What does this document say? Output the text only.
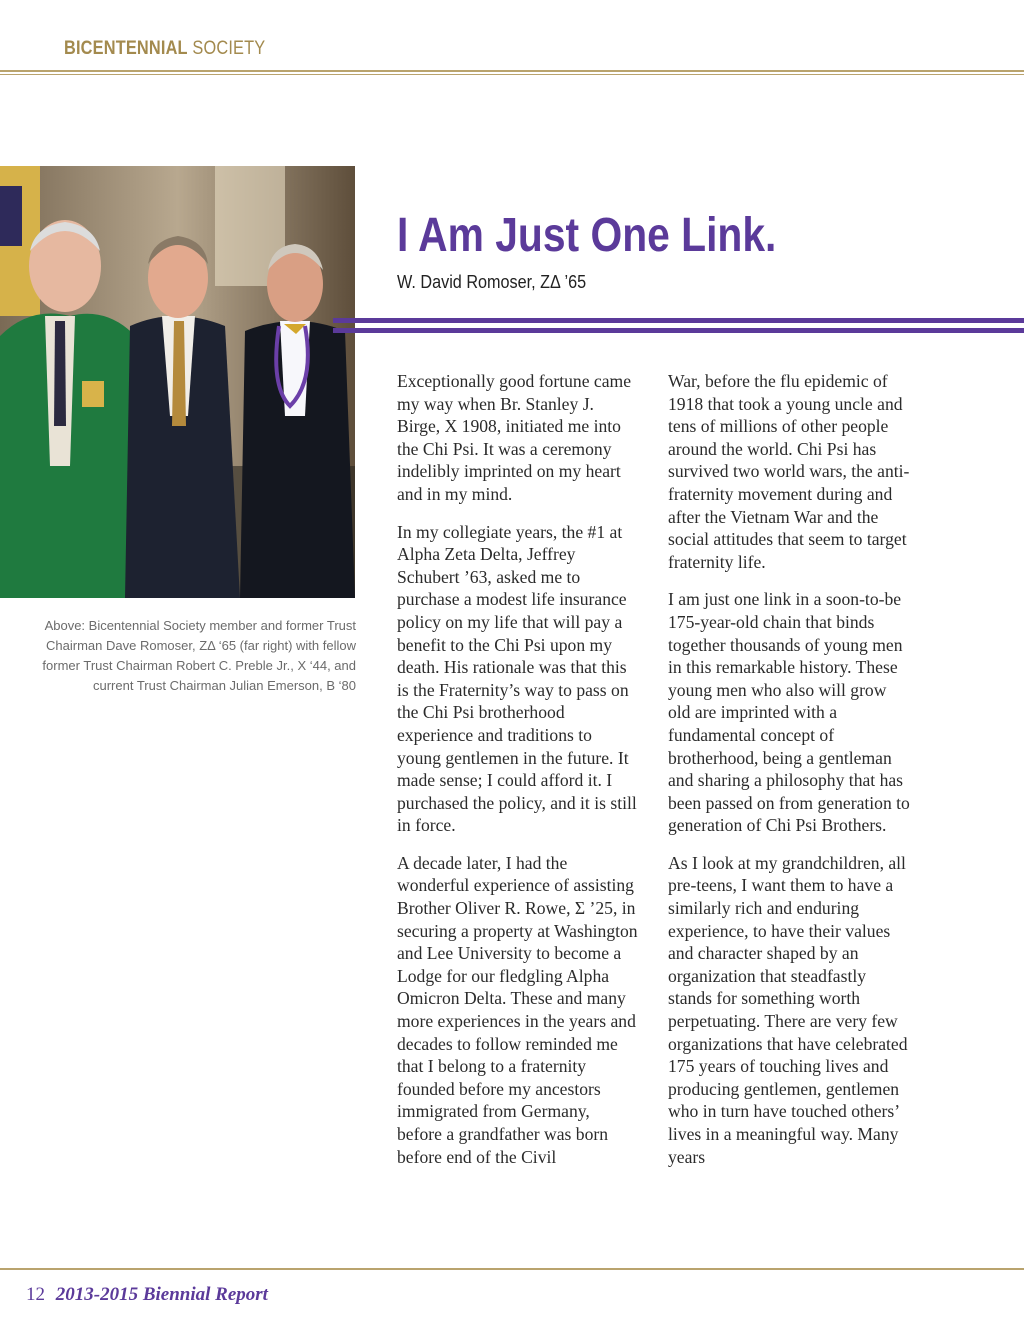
BICENTENNIAL SOCIETY
Above: Bicentennial Society member and former Trust Chairman Dave Romoser, ZΔ ‘65 (far right) with fellow former Trust Chairman Robert C. Preble Jr., X ‘44, and current Trust Chairman Julian Emerson, B ‘80
I Am Just One Link.
W. David Romoser, ZΔ ’65

Exceptionally good fortune came my way when Br. Stanley J. Birge, X 1908, initiated me into the Chi Psi. It was a ceremony indelibly imprinted on my heart and in my mind.

In my collegiate years, the #1 at Alpha Zeta Delta, Jeffrey Schubert ’63, asked me to purchase a modest life insurance policy on my life that will pay a benefit to the Chi Psi upon my death. His rationale was that this is the Fraternity’s way to pass on the Chi Psi brotherhood experience and traditions to young gentlemen in the future. It made sense; I could afford it. I purchased the policy, and it is still in force.

A decade later, I had the wonderful experience of assisting Brother Oliver R. Rowe, Σ ’25, in securing a property at Washington and Lee University to become a Lodge for our fledgling Alpha Omicron Delta. These and many more experiences in the years and decades to follow reminded me that I belong to a fraternity founded before my ancestors immigrated from Germany, before a grandfather was born before end of the Civil

War, before the flu epidemic of 1918 that took a young uncle and tens of millions of other people around the world. Chi Psi has survived two world wars, the anti-fraternity movement during and after the Vietnam War and the social attitudes that seem to target fraternity life.

I am just one link in a soon-to-be 175-year-old chain that binds together thousands of young men in this remarkable history. These young men who also will grow old are imprinted with a fundamental concept of brotherhood, being a gentleman and sharing a philosophy that has been passed on from generation to generation of Chi Psi Brothers.

As I look at my grandchildren, all pre-teens, I want them to have a similarly rich and enduring experience, to have their values and character shaped by an organization that steadfastly stands for something worth perpetuating. There are very few organizations that have celebrated 175 years of touching lives and producing gentlemen, gentlemen who in turn have touched others’ lives in a meaningful way. Many years

12 2013-2015 Biennial Report
